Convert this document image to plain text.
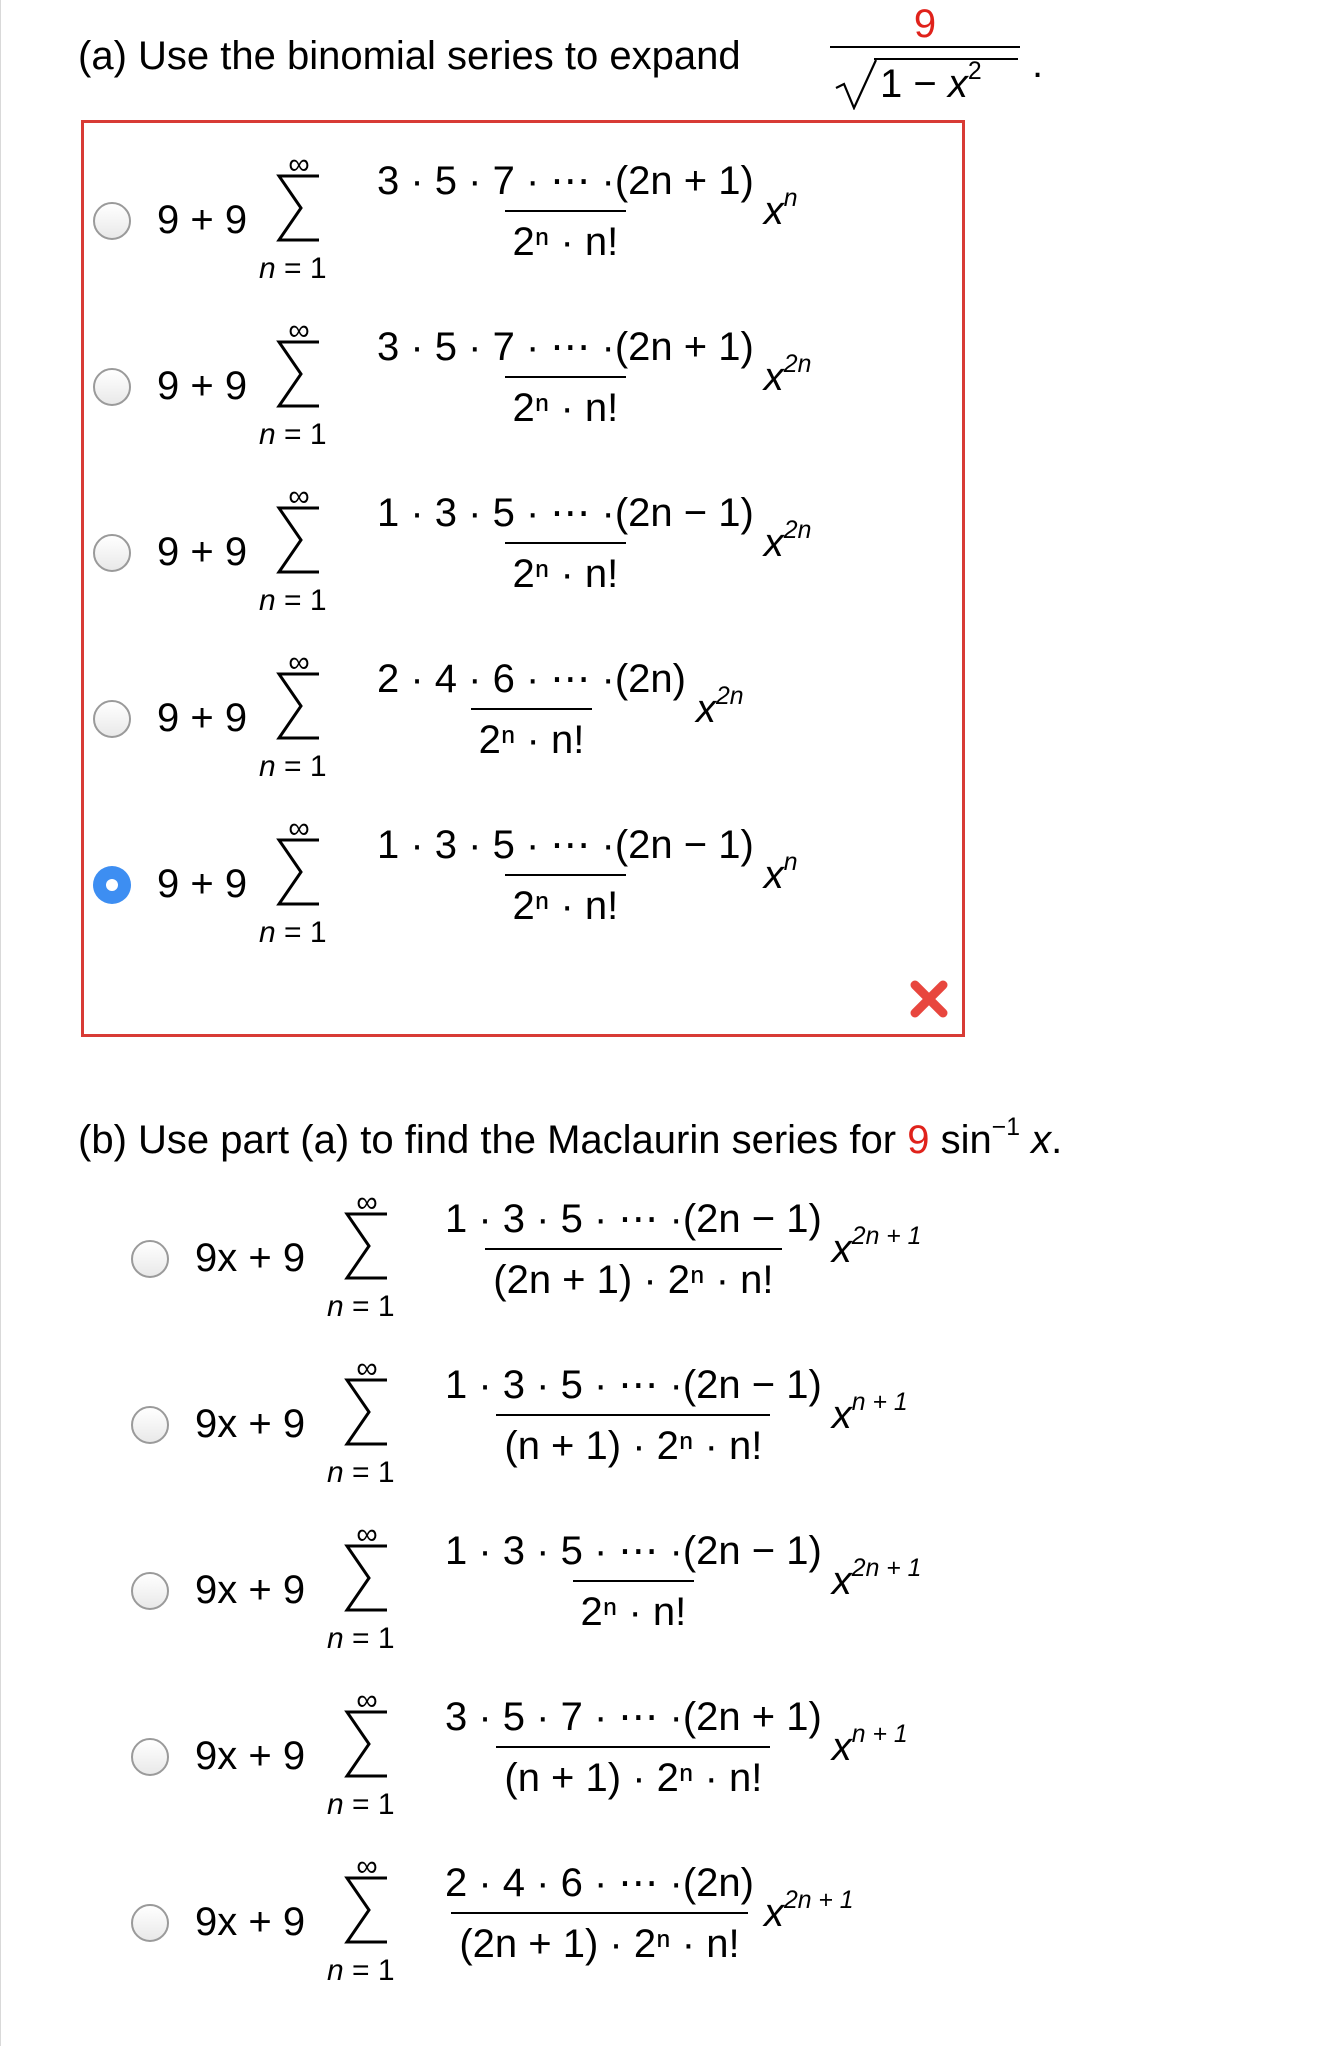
(a) Use the binomial series to expand
9
$1 - x^2$ .
9 + 9
∞
n = 1
$\frac{3 \cdot 5 \cdot 7 \cdot \cdots \cdot(2n + 1)}{\text{2ⁿ · n!}} x^n$
9 + 9
∞
n = 1
$\frac{3 \cdot 5 \cdot 7 \cdot \cdots \cdot(2n + 1)}{\text{2ⁿ · n!}} x^{2n}$
9 + 9
∞
n = 1
$\frac{1 \cdot 3 \cdot 5 \cdot \cdots \cdot(2n - 1)}{\text{2ⁿ · n!}} x^{2n}$
9 + 9
∞
n = 1
$\frac{2 \cdot 4 \cdot 6 \cdot \cdots \cdot(2n)}{\text{2ⁿ · n!}} x^{2n}$
9 + 9
∞
n = 1
$\frac{1 \cdot 3 \cdot 5 \cdot \cdots \cdot(2n - 1)}{\text{2ⁿ · n!}} x^n$
(b) Use part (a) to find the Maclaurin series for 9 $\sin^{-1} x$.
9x + 9
∞
n = 1
$\frac{1 \cdot 3 \cdot 5 \cdot \cdots \cdot(2n - 1)}{\text{(2n + 1) · 2ⁿ · n!}} x^{2n + 1}$
9x + 9
∞
n = 1
$\frac{1 \cdot 3 \cdot 5 \cdot \cdots \cdot(2n - 1)}{\text{(n + 1) · 2ⁿ · n!}} x^{n + 1}$
9x + 9
∞
n = 1
$\frac{1 \cdot 3 \cdot 5 \cdot \cdots \cdot(2n - 1)}{\text{2ⁿ · n!}} x^{2n + 1}$
9x + 9
∞
n = 1
$\frac{3 \cdot 5 \cdot 7 \cdot \cdots \cdot(2n + 1)}{\text{(n + 1) · 2ⁿ · n!}} x^{n + 1}$
9x + 9
∞
n = 1
$\frac{2 \cdot 4 \cdot 6 \cdot \cdots \cdot(2n)}{\text{(2n + 1) · 2ⁿ · n!}} x^{2n + 1}$
